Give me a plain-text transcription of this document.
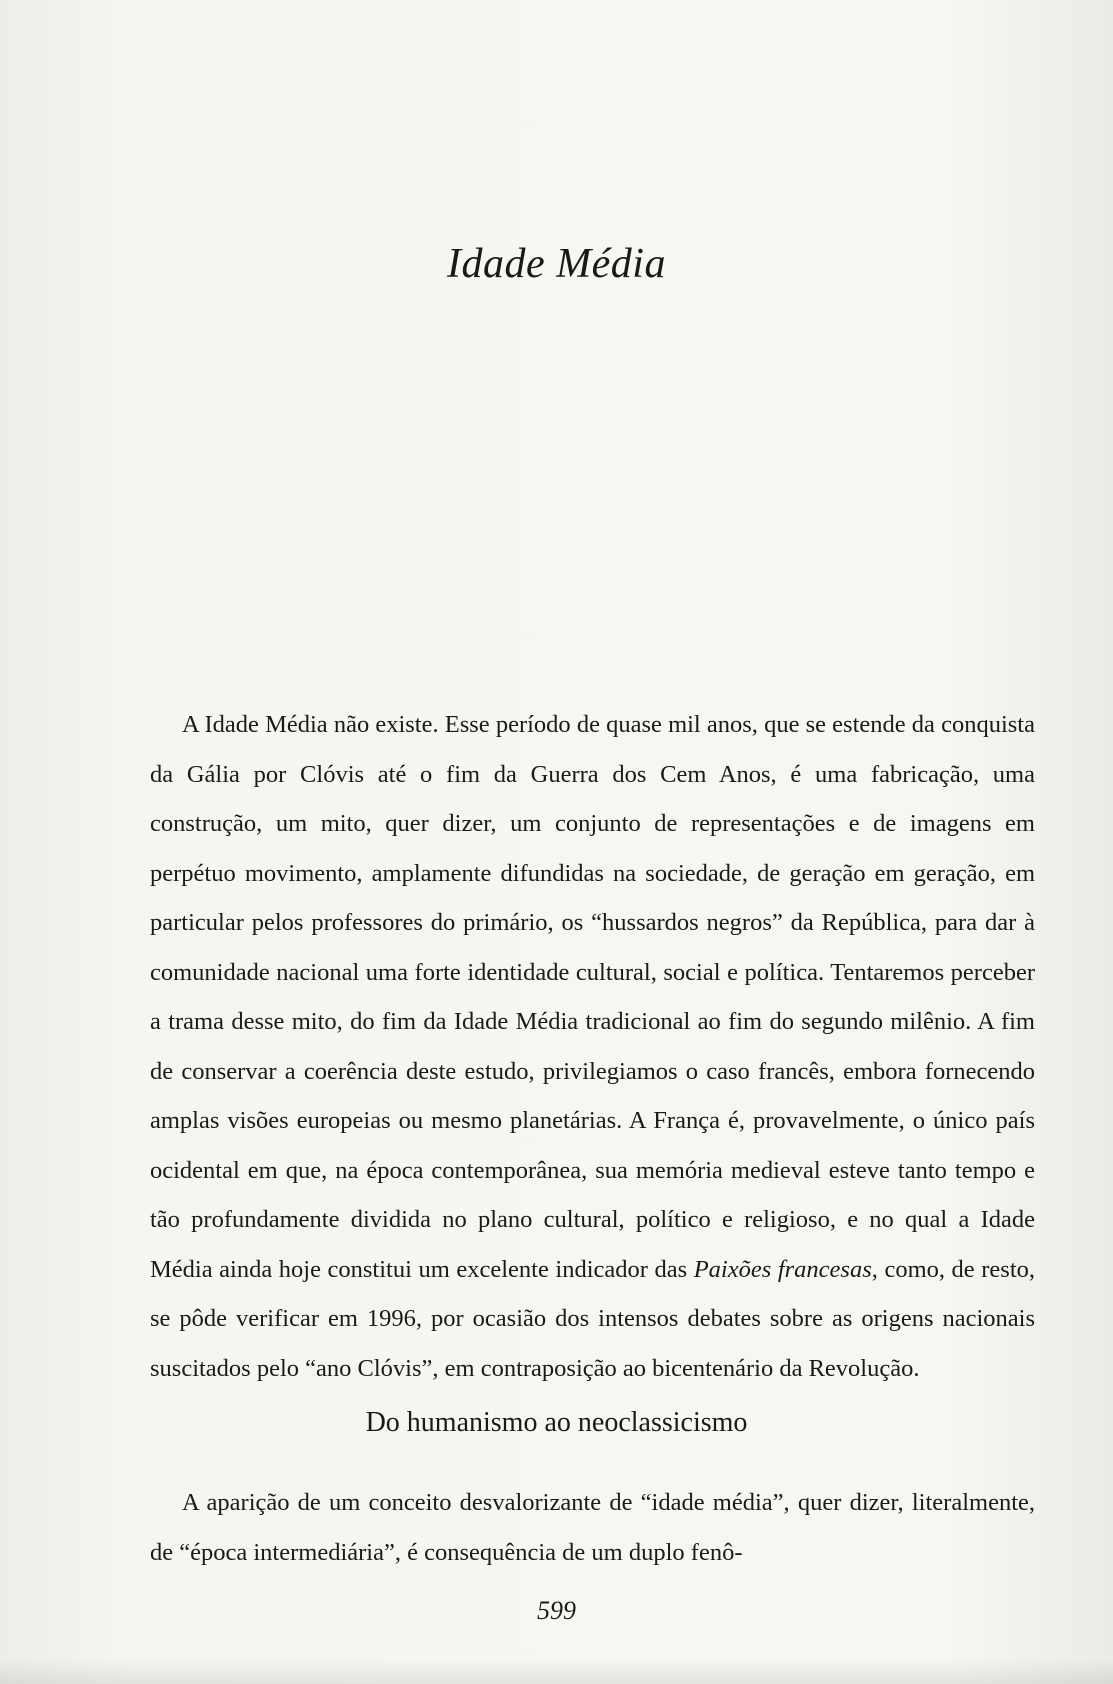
Idade Média

A Idade Média não existe. Esse período de quase mil anos, que se estende da conquista da Gália por Clóvis até o fim da Guerra dos Cem Anos, é uma fabricação, uma construção, um mito, quer dizer, um conjunto de representações e de imagens em perpétuo movimento, amplamente difundidas na sociedade, de geração em geração, em particular pelos professores do primário, os “hussardos negros” da República, para dar à comunidade nacional uma forte identidade cultural, social e política. Tentaremos perceber a trama desse mito, do fim da Idade Média tradicional ao fim do segundo milênio. A fim de conservar a coerência deste estudo, privilegiamos o caso francês, embora fornecendo amplas visões europeias ou mesmo planetárias. A França é, provavelmente, o único país ocidental em que, na época contemporânea, sua memória medieval esteve tanto tempo e tão profundamente dividida no plano cultural, político e religioso, e no qual a Idade Média ainda hoje constitui um excelente indicador das Paixões francesas, como, de resto, se pôde verificar em 1996, por ocasião dos intensos debates sobre as origens nacionais suscitados pelo “ano Clóvis”, em contraposição ao bicentenário da Revolução.

Do humanismo ao neoclassicismo

A aparição de um conceito desvalorizante de “idade média”, quer dizer, literalmente, de “época intermediária”, é consequência de um duplo fenô-

599
